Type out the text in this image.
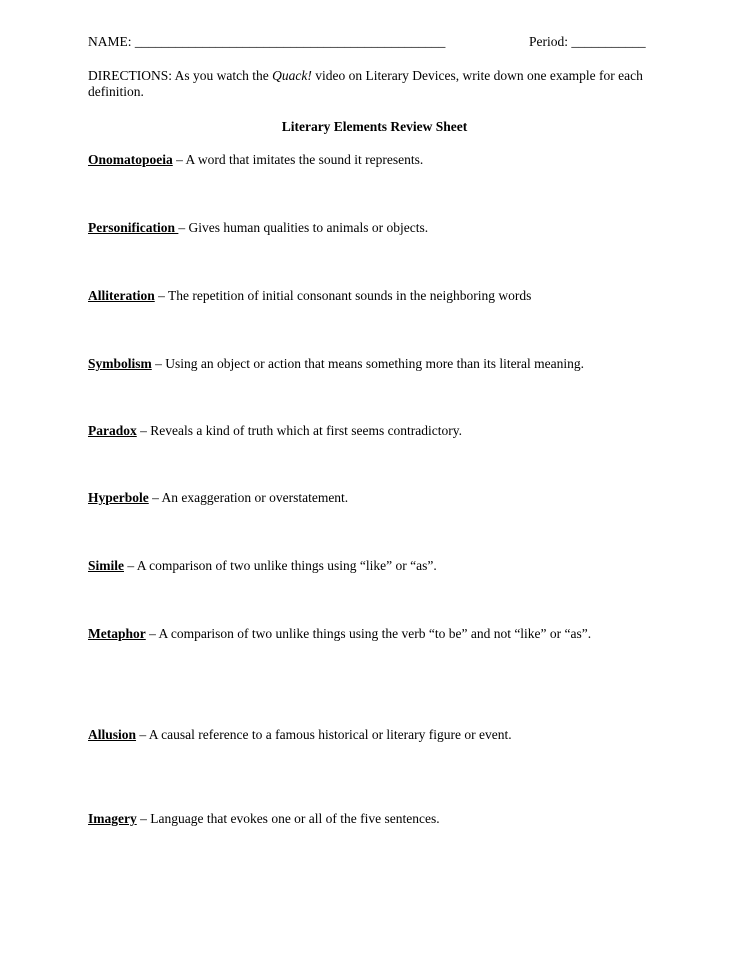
NAME: ______________________________________________	Period: ___________
DIRECTIONS: As you watch the Quack! video on Literary Devices, write down one example for each definition.
Literary Elements Review Sheet
Onomatopoeia – A word that imitates the sound it represents.
Personification – Gives human qualities to animals or objects.
Alliteration – The repetition of initial consonant sounds in the neighboring words
Symbolism – Using an object or action that means something more than its literal meaning.
Paradox – Reveals a kind of truth which at first seems contradictory.
Hyperbole – An exaggeration or overstatement.
Simile – A comparison of two unlike things using “like” or “as”.
Metaphor – A comparison of two unlike things using the verb “to be” and not “like” or “as”.
Allusion – A causal reference to a famous historical or literary figure or event.
Imagery – Language that evokes one or all of the five sentences.
